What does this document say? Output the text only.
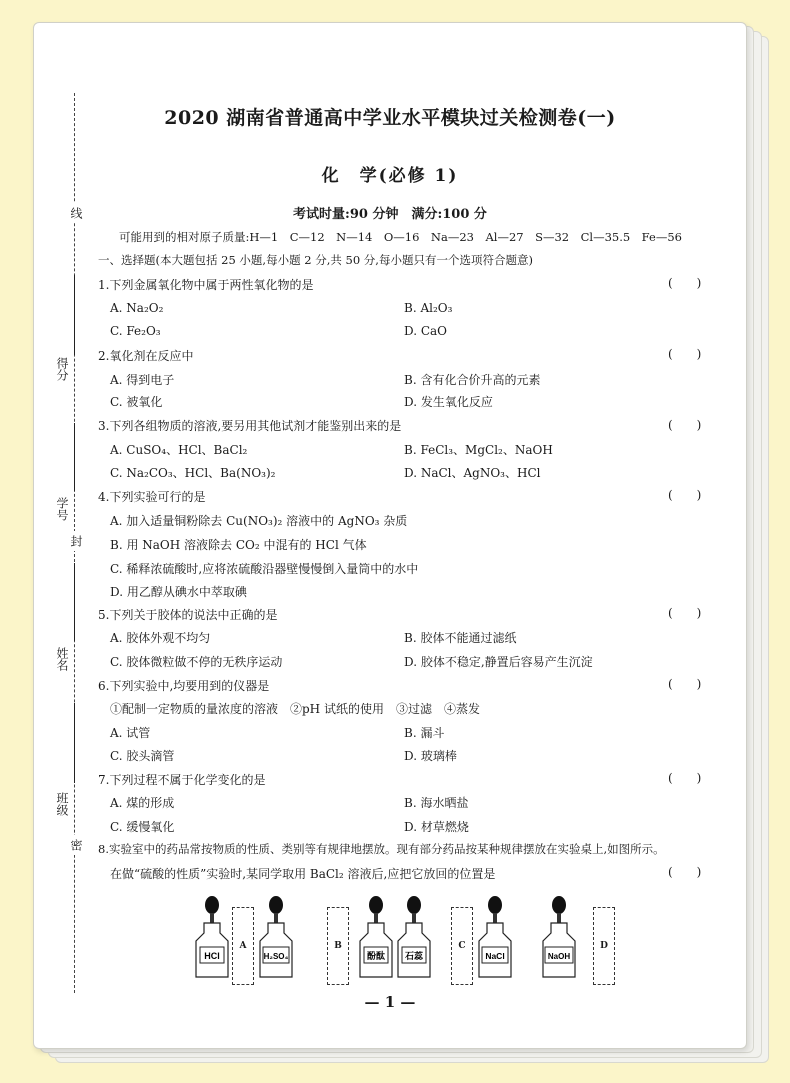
线
得分
学号
封
姓名
班级
密
2020 湖南省普通高中学业水平模块过关检测卷(一)
化　学(必修 1)
考试时量:90 分钟　满分:100 分
可能用到的相对原子质量:H—1　C—12　N—14　O—16　Na—23　Al—27　S—32　Cl—35.5　Fe—56
一、选择题(本大题包括 25 小题,每小题 2 分,共 50 分,每小题只有一个选项符合题意)
1.下列金属氧化物中属于两性氧化物的是	(　　)
A. Na₂O₂	B. Al₂O₃
C. Fe₂O₃	D. CaO
2.氧化剂在反应中	(　　)
A. 得到电子	B. 含有化合价升高的元素
C. 被氧化	D. 发生氧化反应
3.下列各组物质的溶液,要另用其他试剂才能鉴别出来的是	(　　)
A. CuSO₄、HCl、BaCl₂	B. FeCl₃、MgCl₂、NaOH
C. Na₂CO₃、HCl、Ba(NO₃)₂	D. NaCl、AgNO₃、HCl
4.下列实验可行的是	(　　)
A. 加入适量铜粉除去 Cu(NO₃)₂ 溶液中的 AgNO₃ 杂质
B. 用 NaOH 溶液除去 CO₂ 中混有的 HCl 气体
C. 稀释浓硫酸时,应将浓硫酸沿器壁慢慢倒入量筒中的水中
D. 用乙醇从碘水中萃取碘
5.下列关于胶体的说法中正确的是	(　　)
A. 胶体外观不均匀	B. 胶体不能通过滤纸
C. 胶体微粒做不停的无秩序运动	D. 胶体不稳定,静置后容易产生沉淀
6.下列实验中,均要用到的仪器是	(　　)
①配制一定物质的量浓度的溶液　②pH 试纸的使用　③过滤　④蒸发
A. 试管	B. 漏斗
C. 胶头滴管	D. 玻璃棒
7.下列过程不属于化学变化的是	(　　)
A. 煤的形成	B. 海水晒盐
C. 缓慢氧化	D. 材草燃烧
8.实验室中的药品常按物质的性质、类别等有规律地摆放。现有部分药品按某种规律摆放在实验桌上,如图所示。
在做“硫酸的性质”实验时,某同学取用 BaCl₂ 溶液后,应把它放回的位置是	(　　)
HCl
A
H₂SO₄
B
酚酞 石蕊
C
NaCl	NaOH
D
— 1 —
